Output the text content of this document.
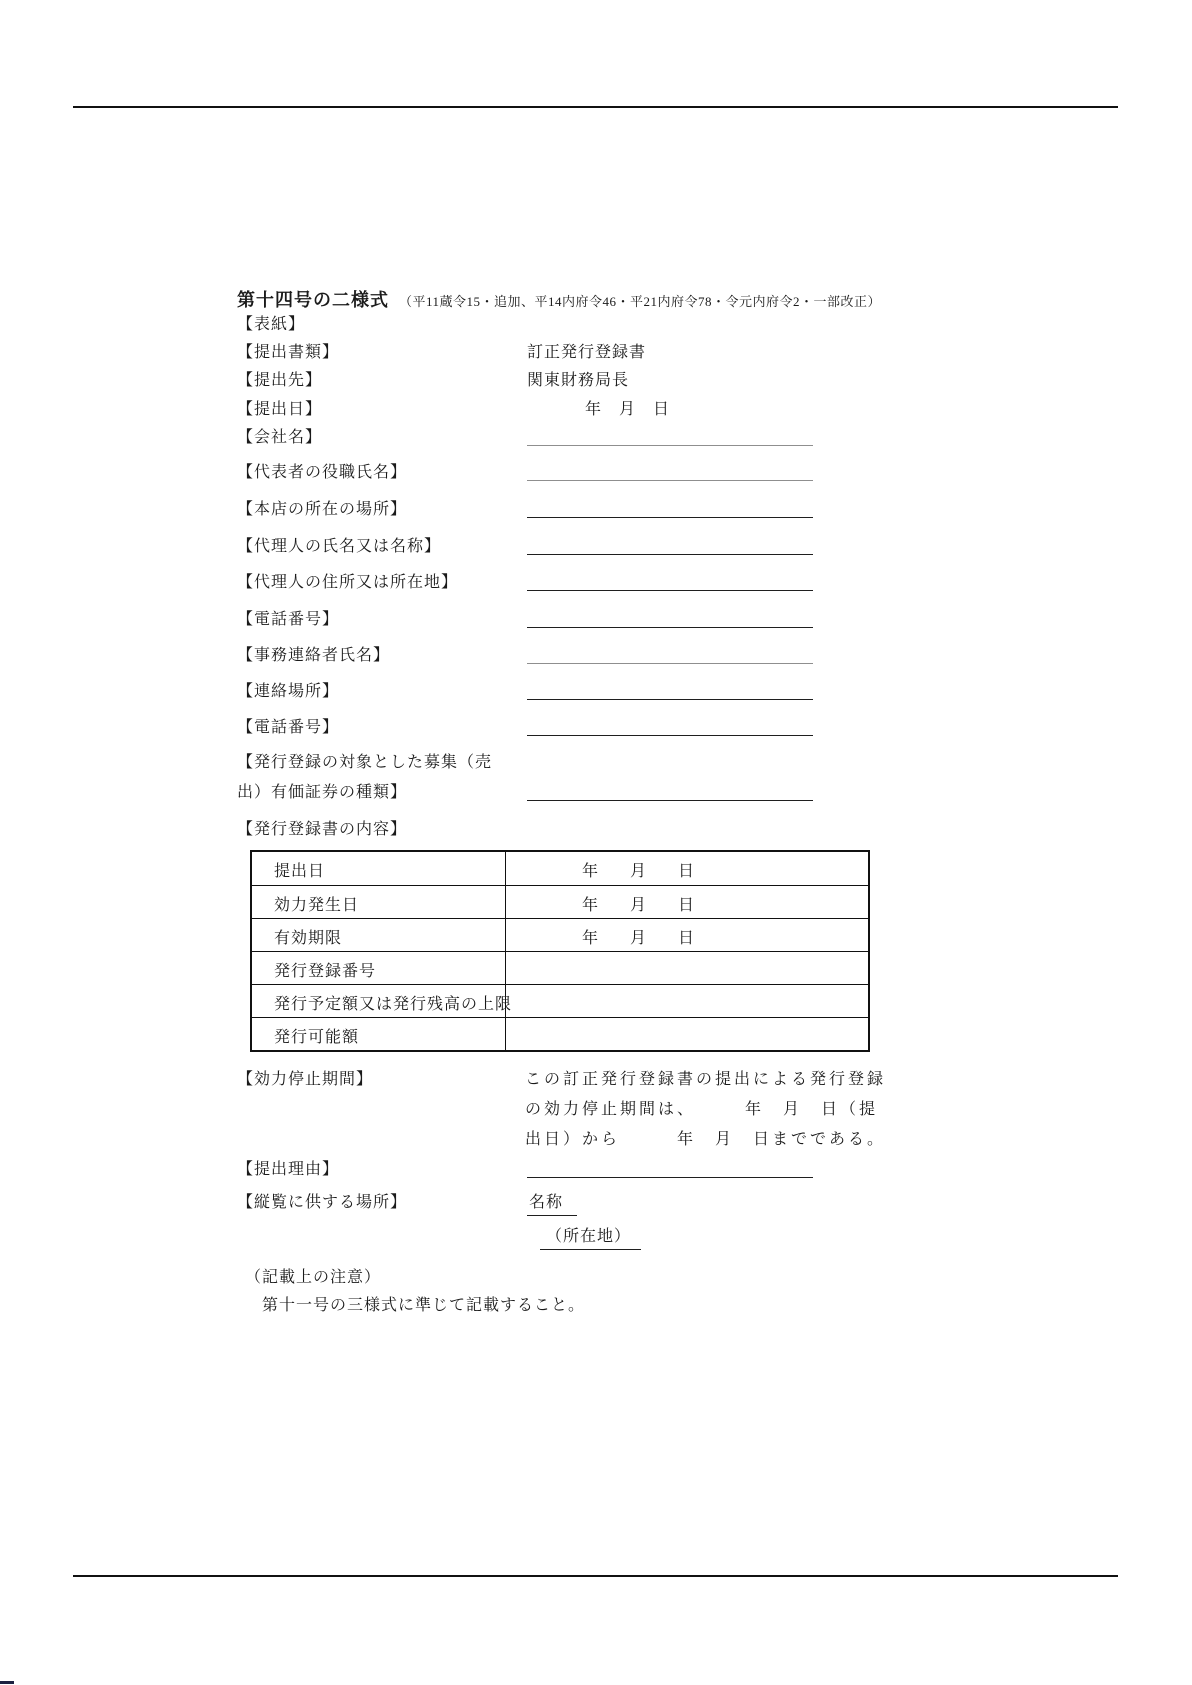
第十四号の二様式 （平11蔵令15・追加、平14内府令46・平21内府令78・令元内府令2・一部改正）
【表紙】
【提出書類】	訂正発行登録書
【提出先】	関東財務局長
【提出日】	年　月　日
【会社名】
【代表者の役職氏名】
【本店の所在の場所】
【代理人の氏名又は名称】
【代理人の住所又は所在地】
【電話番号】
【事務連絡者氏名】
【連絡場所】
【電話番号】
【発行登録の対象とした募集（売
出）有価証券の種類】
【発行登録書の内容】
提出日	年　　月　　日
効力発生日	年　　月　　日
有効期限	年　　月　　日
発行登録番号
発行予定額又は発行残高の上限
発行可能額
【効力停止期間】	この訂正発行登録書の提出による発行登録
の効力停止期間は、　　　年　月　日（提
出日）から　　　年　月　日までである。
【提出理由】
【縦覧に供する場所】	名称
（所在地）
（記載上の注意）
第十一号の三様式に準じて記載すること。
